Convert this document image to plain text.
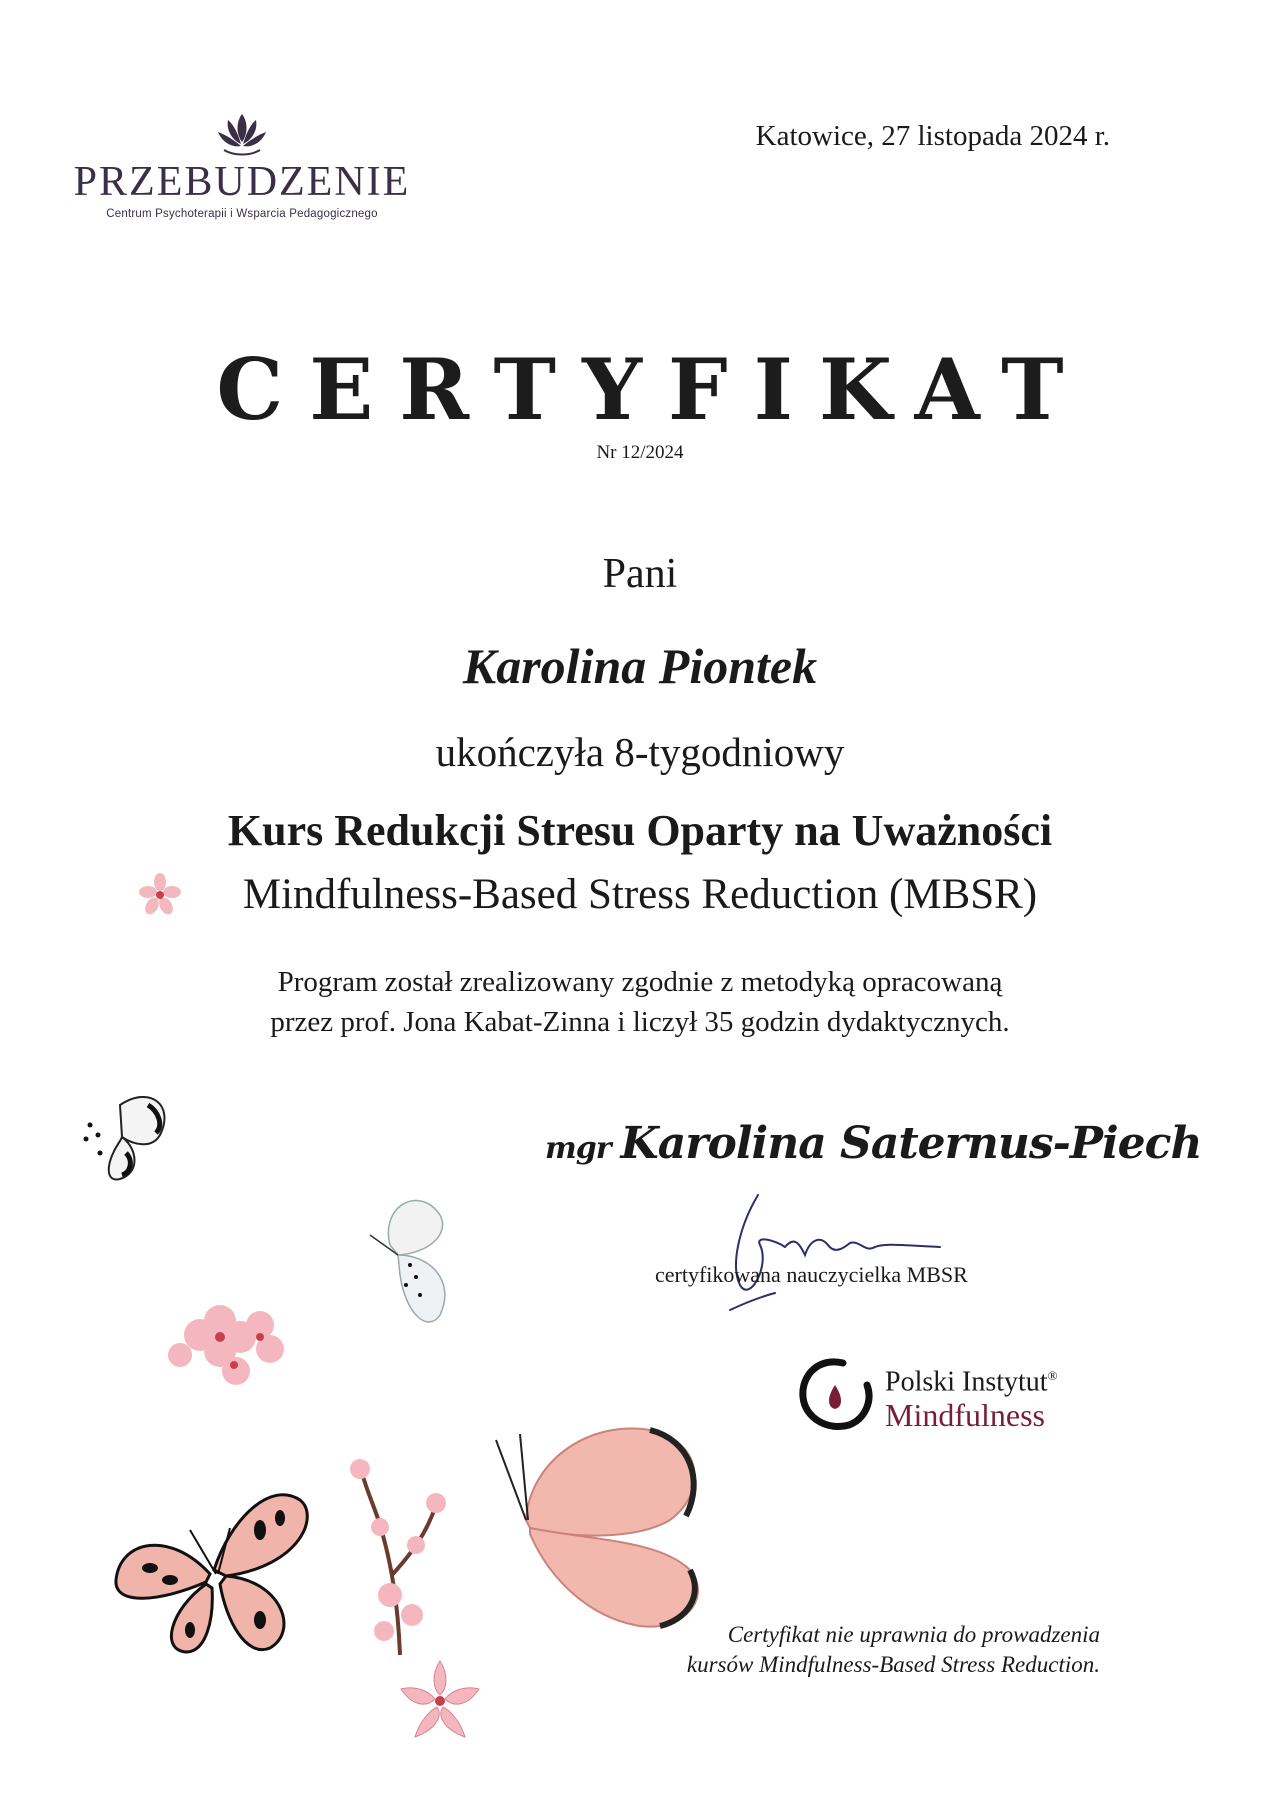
PRZEBUDZENIE
Centrum Psychoterapii i Wsparcia Pedagogicznego
Katowice, 27 listopada 2024 r.
CERTYFIKAT
Nr 12/2024
Pani
Karolina Piontek
ukończyła 8-tygodniowy
Kurs Redukcji Stresu Oparty na Uważności
Mindfulness-Based Stress Reduction (MBSR)
Program został zrealizowany zgodnie z metodyką opracowaną
przez prof. Jona Kabat-Zinna i liczył 35 godzin dydaktycznych.
mgr Karolina Saternus-Piech
certyfikowana nauczycielka MBSR
Polski Instytut®
Mindfulness
Certyfikat nie uprawnia do prowadzenia
kursów Mindfulness-Based Stress Reduction.
